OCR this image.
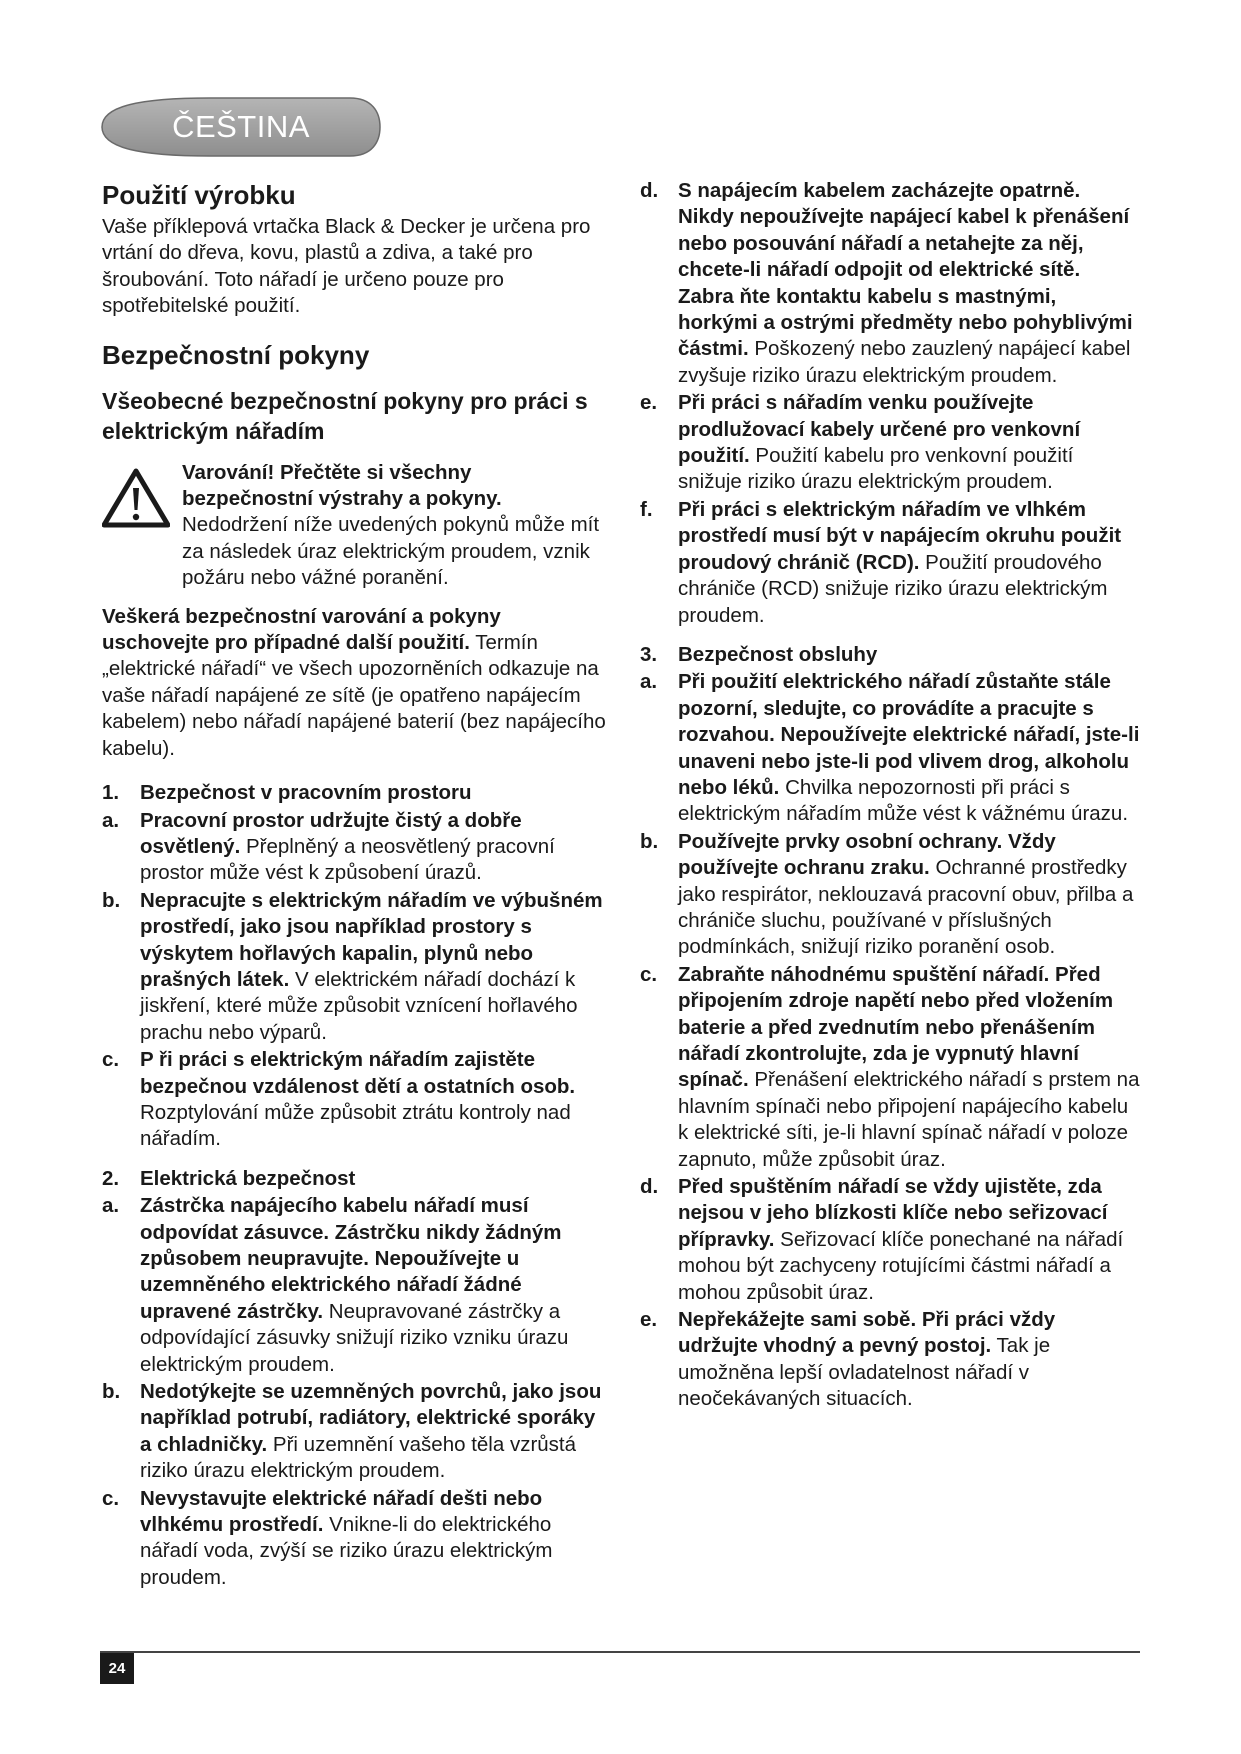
ČEŠTINA
Použití výrobku

Vaše příklepová vrtačka Black & Decker je určena pro vrtání do dřeva, kovu, plastů a zdiva, a také pro šroubování. Toto nářadí je určeno pouze pro spotřebitelské použití.

Bezpečnostní pokyny
Všeobecné bezpečnostní pokyny pro práci s elektrickým nářadím
Varování! Přečtěte si všechny bezpečnostní výstrahy a pokyny. Nedodržení níže uvedených pokynů může mít za následek úraz elektrickým proudem, vznik požáru nebo vážné poranění.

Veškerá bezpečnostní varování a pokyny uschovejte pro případné další použití. Termín „elektrické nářadí“ ve všech upozorněních odkazuje na vaše nářadí napájené ze sítě (je opatřeno napájecím kabelem) nebo nářadí napájené baterií (bez napájecího kabelu).

1.	Bezpečnost v pracovním prostoru
a.	Pracovní prostor udržujte čistý a dobře osvětlený. Přeplněný a neosvětlený pracovní prostor může vést k způsobení úrazů.
b. Nepracujte s elektrickým nářadím ve výbušném prostředí, jako jsou například prostory s výskytem hořlavých kapalin, plynů nebo prašných látek. V elektrickém nářadí dochází k jiskření, které může způsobit vznícení hořlavého prachu nebo výparů.
c.	P ři práci s elektrickým nářadím zajistěte bezpečnou vzdálenost dětí a ostatních osob. Rozptylování může způsobit ztrátu kontroly nad nářadím.
2.	Elektrická bezpečnost
a.	Zástrčka napájecího kabelu nářadí musí odpovídat zásuvce. Zástrčku nikdy žádným způsobem neupravujte. Nepoužívejte u uzemněného elektrického nářadí žádné upravené zástrčky. Neupravované zástrčky a odpovídající zásuvky snižují riziko vzniku úrazu elektrickým proudem.
b. Nedotýkejte se uzemněných povrchů, jako jsou například potrubí, radiátory, elektrické sporáky a chladničky. Při uzemnění vašeho těla vzrůstá riziko úrazu elektrickým proudem.
c.	Nevystavujte elektrické nářadí dešti nebo vlhkému prostředí. Vnikne-li do elektrického nářadí voda, zvýší se riziko úrazu elektrickým proudem.
d. S napájecím kabelem zacházejte opatrně. Nikdy nepoužívejte napájecí kabel k přenášení nebo posouvání nářadí a netahejte za něj, chcete-li nářadí odpojit od elektrické sítě. Zabra ňte kontaktu kabelu s mastnými, horkými a ostrými předměty nebo pohyblivými částmi. Poškozený nebo zauzlený napájecí kabel zvyšuje riziko úrazu elektrickým proudem.
e.	Při práci s nářadím venku používejte prodlužovací kabely určené pro venkovní použití. Použití kabelu pro venkovní použití snižuje riziko úrazu elektrickým proudem.
f.	Při práci s elektrickým nářadím ve vlhkém prostředí musí být v napájecím okruhu použit proudový chránič (RCD). Použití proudového chrániče (RCD) snižuje riziko úrazu elektrickým proudem.
3.	Bezpečnost obsluhy
a.	Při použití elektrického nářadí zůstaňte stále pozorní, sledujte, co provádíte a pracujte s rozvahou. Nepoužívejte elektrické nářadí, jste-li unaveni nebo jste-li pod vlivem drog, alkoholu nebo léků. Chvilka nepozornosti při práci s elektrickým nářadím může vést k vážnému úrazu.
b. Používejte prvky osobní ochrany. Vždy používejte ochranu zraku. Ochranné prostředky jako respirátor, neklouzavá pracovní obuv, přilba a chrániče sluchu, používané v příslušných podmínkách, snižují riziko poranění osob.
c.	Zabraňte náhodnému spuštění nářadí. Před připojením zdroje napětí nebo před vložením baterie a před zvednutím nebo přenášením nářadí zkontrolujte, zda je vypnutý hlavní spínač. Přenášení elektrického nářadí s prstem na hlavním spínači nebo připojení napájecího kabelu k elektrické síti, je-li hlavní spínač nářadí v poloze zapnuto, může způsobit úraz.
d. Před spuštěním nářadí se vždy ujistěte, zda nejsou v jeho blízkosti klíče nebo seřizovací přípravky. Seřizovací klíče ponechané na nářadí mohou být zachyceny rotujícími částmi nářadí a mohou způsobit úraz.
e.	Nepřekážejte sami sobě. Při práci vždy udržujte vhodný a pevný postoj. Tak je umožněna lepší ovladatelnost nářadí v neočekávaných situacích.
24
